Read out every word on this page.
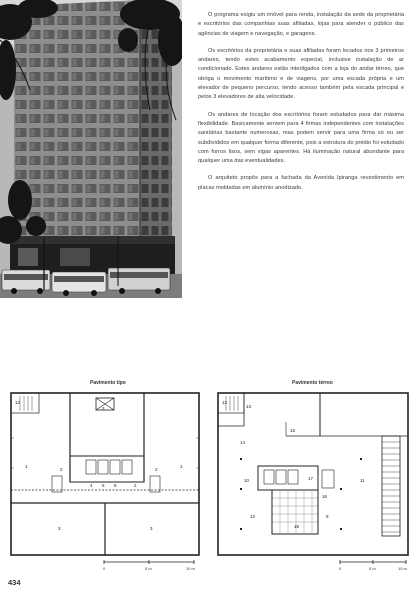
O programa exigiu um imóvel para renda, instalação da sede da proprietária e escritórios das companhias suas afiliadas, lojas para atender o público das agências de viagem e navegação, e garagens.

Os escritórios da proprietária e suas afiliadas foram locados nos 3 primeiros andares, tendo estes acabamento especial, inclusive instalação de ar condicionado. Estes andares estão interligados com a loja do andar térreo, que obriga o movimento marítimo e de viagens, por uma escada própria e um elevador de pequeno percurso, tendo acesso também pela escada principal e pelos 3 elevadores de alta velocidade.

Os andares de locação dos escritórios foram estudados para dar máxima flexibilidade. Basicamente servem para 4 firmas independentes com instalações sanitárias bastante numerosas, mas podem servir para uma firma só ou ser subdivididos em qualquer forma diferente, pois a estrutura do prédio foi estudado com forros lisos, sem vigas aparentes. Há iluminação natural abundante para qualquer uma das eventualidades.

O arquiteto propôs para a fachada da Avenida Ipiranga revestimento em placas moldadas em alumínio anodizado.

Pavimento tipo
12
1
2	2
3
4 5 6
1
2
3	3
0	5 m	10 m
Pavimento térreo
12
13
14
15
10	11
16
17
13
18
9
0	5 m	10 m
434
